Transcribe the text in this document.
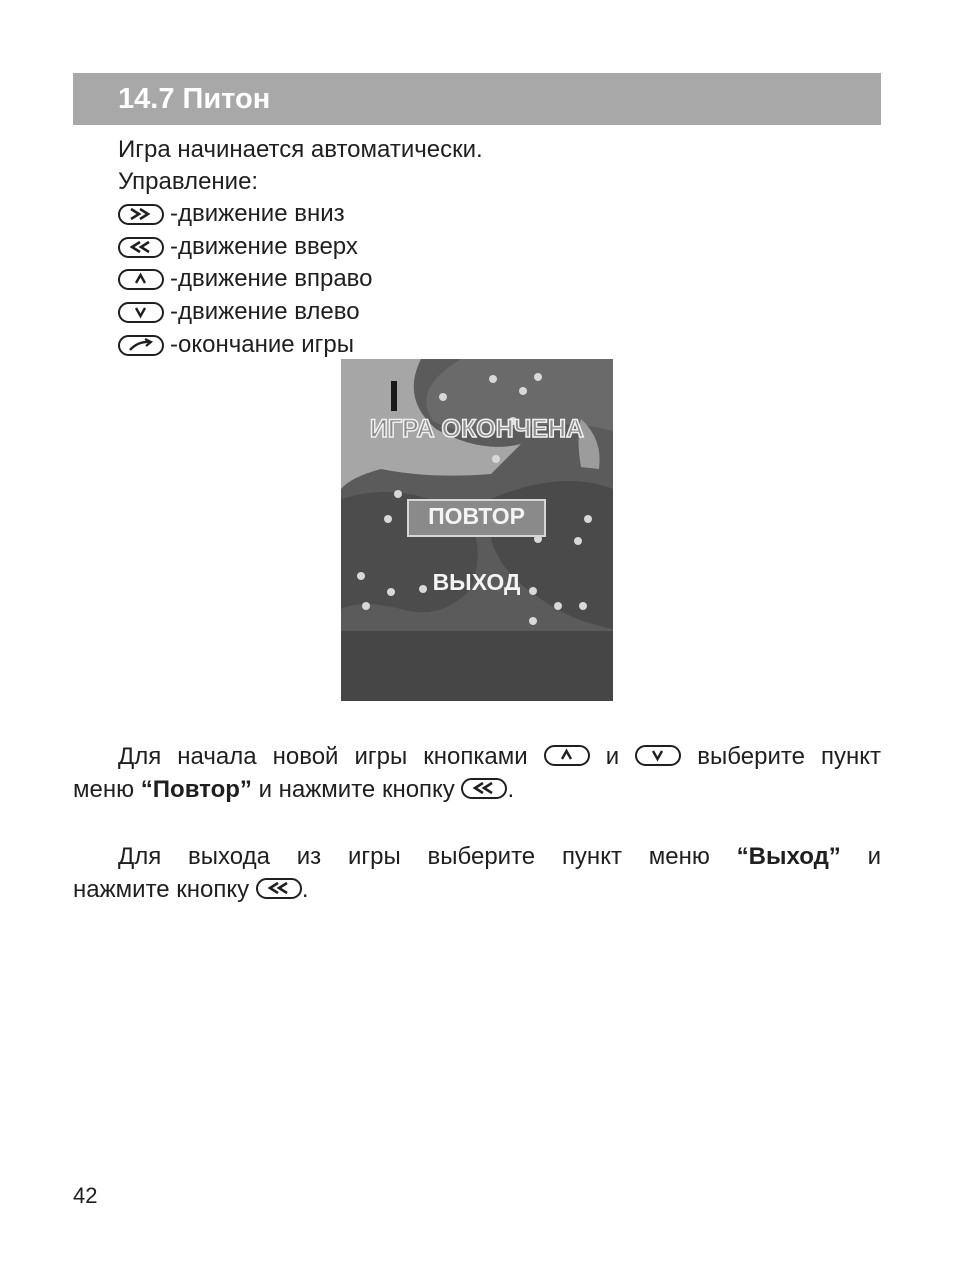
14.7 Питон
Игра начинается автоматически.
Управление:
-движение вниз
-движение вверх
-движение вправо
-движение влево
-окончание игры
ИГРА ОКОНЧЕНА
ПОВТОР
ВЫХОД

Для начала новой игры кнопками	и	выберите пункт

меню “Повтор” и нажмите кнопку .

Для выхода из игры выберите пункт меню “Выход” и

нажмите кнопку .

42
